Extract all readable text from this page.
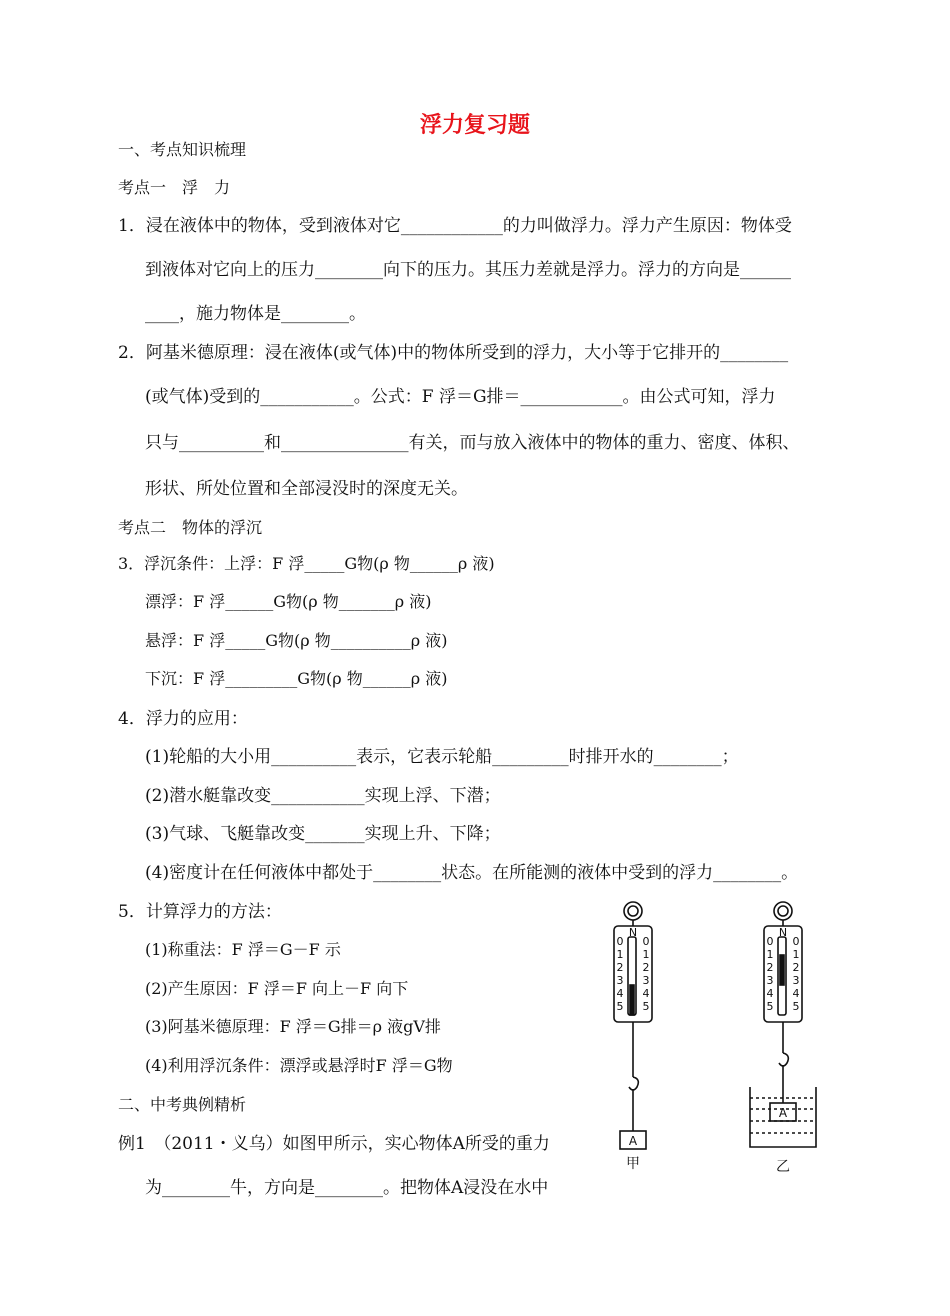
浮力复习题
一、考点知识梳理
考点一　浮　力
1．浸在液体中的物体，受到液体对它____________的力叫做浮力。浮力产生原因：物体受
到液体对它向上的压力________向下的压力。其压力差就是浮力。浮力的方向是______
____，施力物体是________。
2．阿基米德原理：浸在液体(或气体)中的物体所受到的浮力，大小等于它排开的________
(或气体)受到的___________。公式：F 浮＝G排＝____________。由公式可知，浮力
只与__________和_______________有关，而与放入液体中的物体的重力、密度、体积、
形状、所处位置和全部浸没时的深度无关。
考点二　物体的浮沉
3．浮沉条件：上浮：F 浮_____G物(ρ 物______ρ 液)
漂浮：F 浮______G物(ρ 物_______ρ 液)
悬浮：F 浮_____G物(ρ 物__________ρ 液)
下沉：F 浮_________G物(ρ 物______ρ 液)
4．浮力的应用：
(1)轮船的大小用__________表示，它表示轮船_________时排开水的________；
(2)潜水艇靠改变___________实现上浮、下潜；
(3)气球、飞艇靠改变_______实现上升、下降；
(4)密度计在任何液体中都处于________状态。在所能测的液体中受到的浮力________。
5．计算浮力的方法：
(1)称重法：F 浮＝G－F 示
(2)产生原因：F 浮＝F 向上－F 向下
(3)阿基米德原理：F 浮＝G排＝ρ 液gV排
(4)利用浮沉条件：漂浮或悬浮时F 浮＝G物
二、中考典例精析
例1　（2011・义乌）如图甲所示，实心物体A所受的重力
为________牛，方向是________。把物体A浸没在水中
N	N
0
1
2
3
4
5
0
1
2
3
4
5
0
1
2
3
4
5
0
1
2
3
4
5
A
A
甲	乙
